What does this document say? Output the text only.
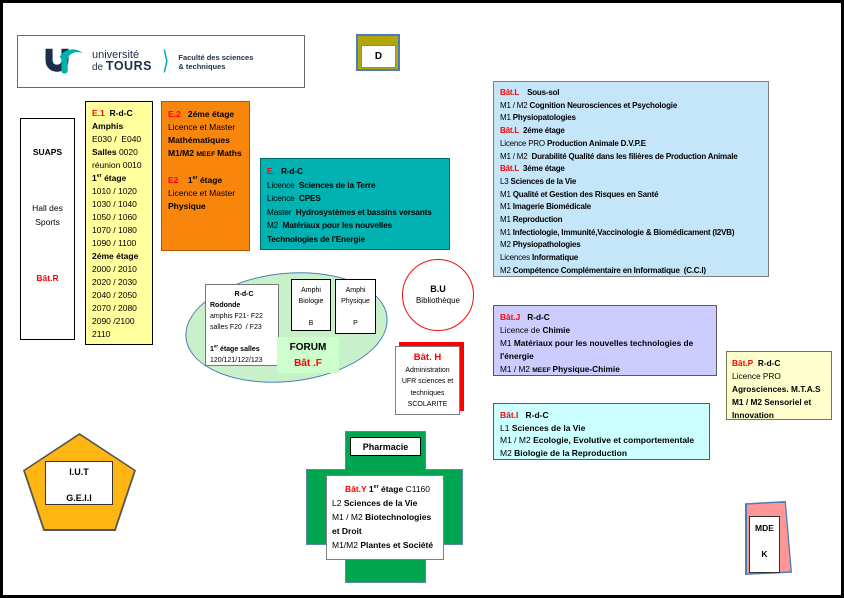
université
de TOURS ⟩ Faculté des sciences
& techniques
D
SUAPS

Hall des
Sports

Bât.R
E.1  R-d-C
Amphis
E030 /  E040
Salles 0020
réunion 0010
1er étage
1010 / 1020
1030 / 1040
1050 / 1060
1070 / 1080
1090 / 1100
2éme étage
2000 / 2010
2020 / 2030
2040 / 2050
2070 / 2080
2090 /2100
2110
E.2   2éme étage
Licence et Master
Mathématiques
M1/M2 MEEF Maths

E2    1er étage
Licence et Master
Physique
E.   R-d-C
Licence  Sciences de la Terre
Licence  CPES
Master  Hydrosystèmes et bassins versants
M2  Matériaux pour les nouvelles
Technologies de l'Energie
Bât.L    Sous-sol
M1 / M2 Cognition Neurosciences et Psychologie
M1 Physiopatologies
Bât.L  2éme étage
Licence PRO Production Animale D.V.P.E
M1 / M2  Durabilité Qualité dans les filières de Production Animale
Bât.L  3éme étage
L3 Sciences de la Vie
M1 Qualité et Gestion des Risques en Santé
M1 Imagerie Biomédicale
M1 Reproduction
M1 Infectiologie, Immunité,Vaccinologie & Biomédicament (I2VB)
M2 Physiopathologies
Licences Informatique
M2 Compétence Complémentaire en Informatique  (C.C.I)
R-d-C
Rodonde
amphis F21- F22
salles F20  / F23

1er étage salles
120/121/122/123
Amphi
Biologie

B
Amphi
Physique

P
FORUM
Bât .F
B.U
Bibliothèque
Bât. H
Administration
UFR sciences et
techniques
SCOLARITE
Bât.J   R-d-C
Licence de Chimie
M1 Matériaux pour les nouvelles technologies de
l'énergie
M1 / M2 MEEF Physique-Chimie
Bât.P  R-d-C
Licence PRO
Agrosciences. M.T.A.S
M1 / M2 Sensoriel et
Innovation
Bât.I   R-d-C
L1 Sciences de la Vie
M1 / M2 Ecologie, Evolutive et comportementale
M2 Biologie de la Reproduction
Pharmacie
Bât.Y 1er étage C1160
L2 Sciences de la Vie
M1 / M2 Biotechnologies
et Droit
M1/M2 Plantes et Société
I.U.T

G.E.I.I
MDE

K
